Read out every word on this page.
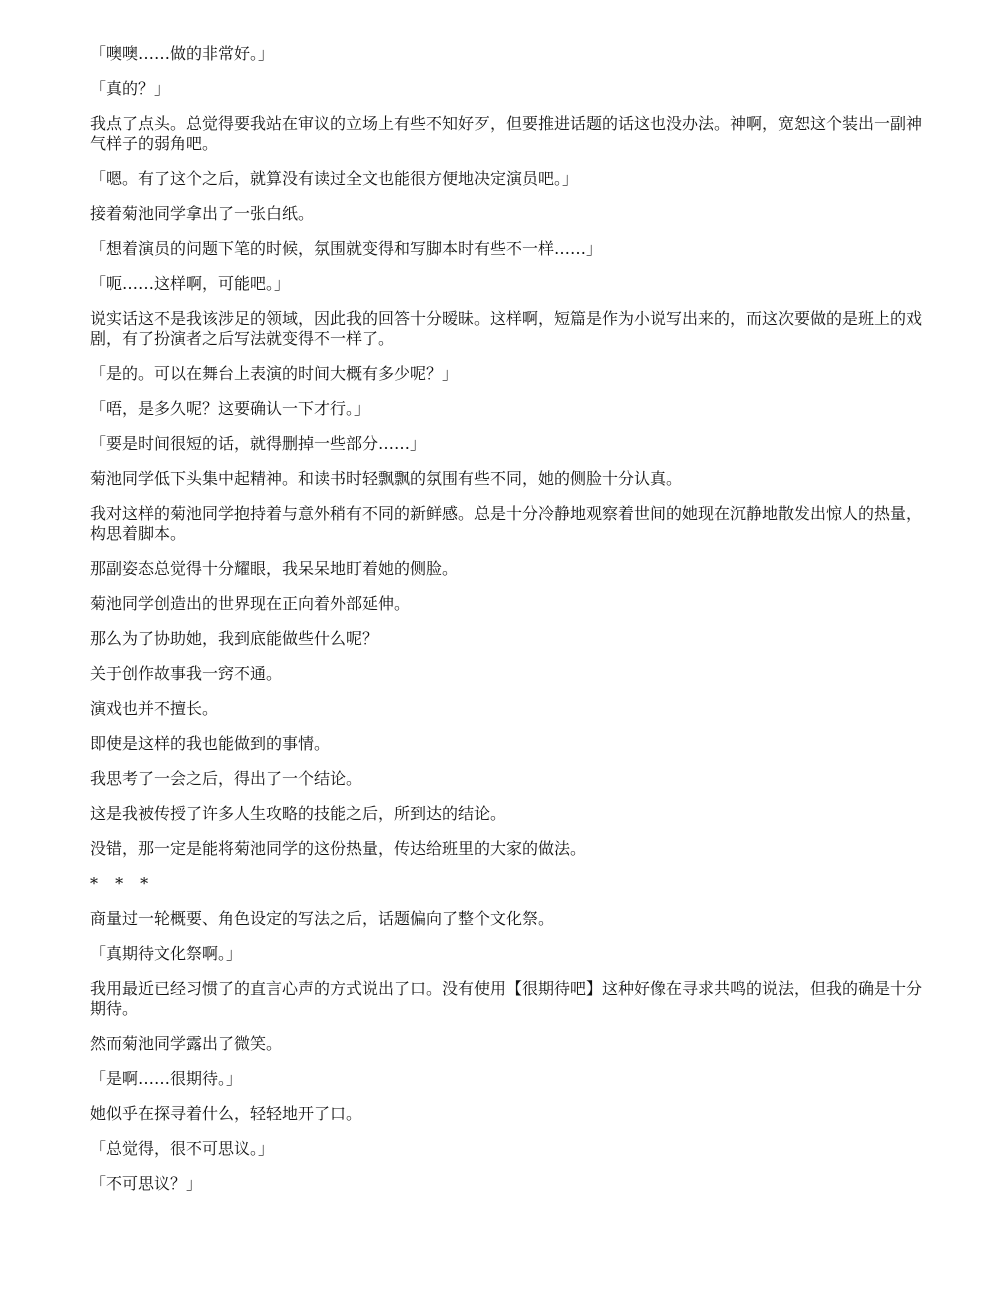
「噢噢……做的非常好。」

「真的？」

我点了点头。总觉得要我站在审议的立场上有些不知好歹，但要推进话题的话这也没办法。神啊，宽恕这个装出一副神气样子的弱角吧。

「嗯。有了这个之后，就算没有读过全文也能很方便地决定演员吧。」

接着菊池同学拿出了一张白纸。

「想着演员的问题下笔的时候，氛围就变得和写脚本时有些不一样……」

「呃……这样啊，可能吧。」

说实话这不是我该涉足的领域，因此我的回答十分暧昧。这样啊，短篇是作为小说写出来的，而这次要做的是班上的戏剧，有了扮演者之后写法就变得不一样了。

「是的。可以在舞台上表演的时间大概有多少呢？」

「唔，是多久呢？这要确认一下才行。」

「要是时间很短的话，就得删掉一些部分……」

菊池同学低下头集中起精神。和读书时轻飘飘的氛围有些不同，她的侧脸十分认真。

我对这样的菊池同学抱持着与意外稍有不同的新鲜感。总是十分冷静地观察着世间的她现在沉静地散发出惊人的热量，构思着脚本。

那副姿态总觉得十分耀眼，我呆呆地盯着她的侧脸。

菊池同学创造出的世界现在正向着外部延伸。

那么为了协助她，我到底能做些什么呢？

关于创作故事我一窍不通。

演戏也并不擅长。

即使是这样的我也能做到的事情。

我思考了一会之后，得出了一个结论。

这是我被传授了许多人生攻略的技能之后，所到达的结论。

没错，那一定是能将菊池同学的这份热量，传达给班里的大家的做法。

* * *

商量过一轮概要、角色设定的写法之后，话题偏向了整个文化祭。

「真期待文化祭啊。」

我用最近已经习惯了的直言心声的方式说出了口。没有使用【很期待吧】这种好像在寻求共鸣的说法，但我的确是十分期待。

然而菊池同学露出了微笑。

「是啊……很期待。」

她似乎在探寻着什么，轻轻地开了口。

「总觉得，很不可思议。」

「不可思议？」
